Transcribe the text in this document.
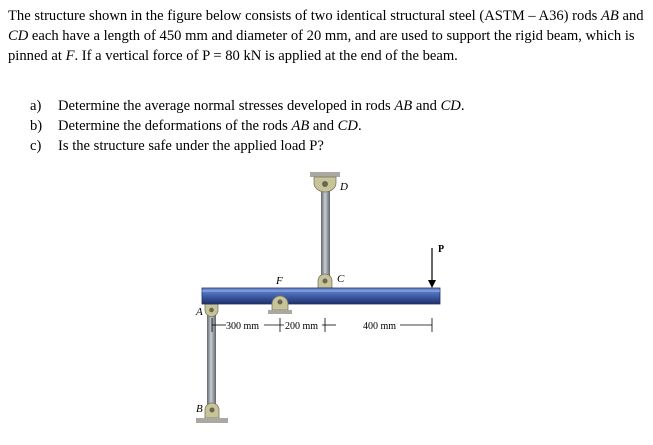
The structure shown in the figure below consists of two identical structural steel (ASTM – A36) rods AB and CD each have a length of 450 mm and diameter of 20 mm, and are used to support the rigid beam, which is pinned at F. If a vertical force of P = 80 kN is applied at the end of the beam.

a)	Determine the average normal stresses developed in rods AB and CD.
b)	Determine the deformations of the rods AB and CD.
c)	Is the structure safe under the applied load P?
D
C
A
B
F
P
300 mm	200 mm	400 mm
